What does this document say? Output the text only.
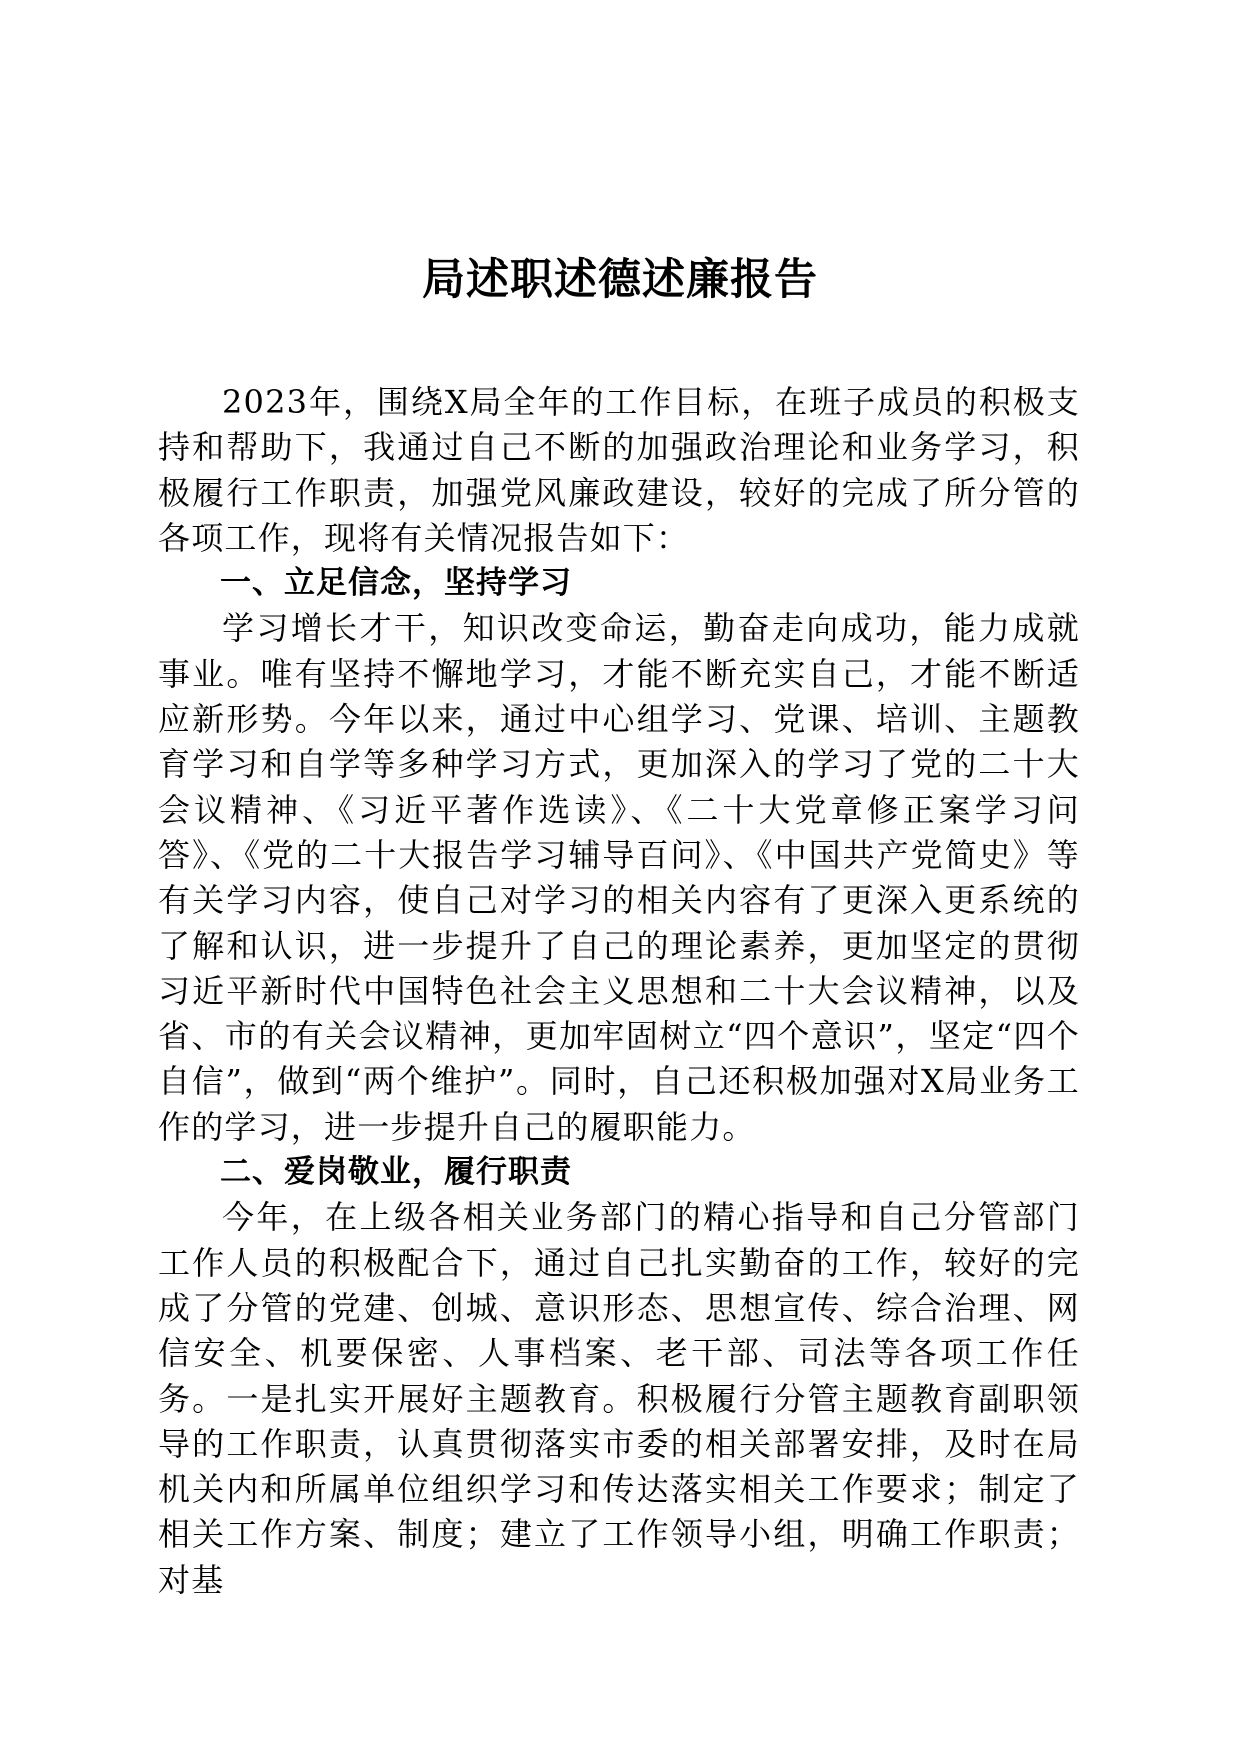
局述职述德述廉报告

2023年，围绕X局全年的工作目标，在班子成员的积极支持和帮助下，我通过自己不断的加强政治理论和业务学习，积极履行工作职责，加强党风廉政建设，较好的完成了所分管的各项工作，现将有关情况报告如下：

一、立足信念，坚持学习

学习增长才干，知识改变命运，勤奋走向成功，能力成就事业。唯有坚持不懈地学习，才能不断充实自己，才能不断适应新形势。今年以来，通过中心组学习、党课、培训、主题教育学习和自学等多种学习方式，更加深入的学习了党的二十大会议精神、《习近平著作选读》、《二十大党章修正案学习问答》、《党的二十大报告学习辅导百问》、《中国共产党简史》等有关学习内容，使自己对学习的相关内容有了更深入更系统的了解和认识，进一步提升了自己的理论素养，更加坚定的贯彻习近平新时代中国特色社会主义思想和二十大会议精神，以及省、市的有关会议精神，更加牢固树立“四个意识”，坚定“四个自信”，做到“两个维护”。同时，自己还积极加强对X局业务工作的学习，进一步提升自己的履职能力。

二、爱岗敬业，履行职责

今年，在上级各相关业务部门的精心指导和自己分管部门工作人员的积极配合下，通过自己扎实勤奋的工作，较好的完成了分管的党建、创城、意识形态、思想宣传、综合治理、网信安全、机要保密、人事档案、老干部、司法等各项工作任务。一是扎实开展好主题教育。积极履行分管主题教育副职领导的工作职责，认真贯彻落实市委的相关部署安排，及时在局机关内和所属单位组织学习和传达落实相关工作要求；制定了相关工作方案、制度；建立了工作领导小组，明确工作职责；对基
